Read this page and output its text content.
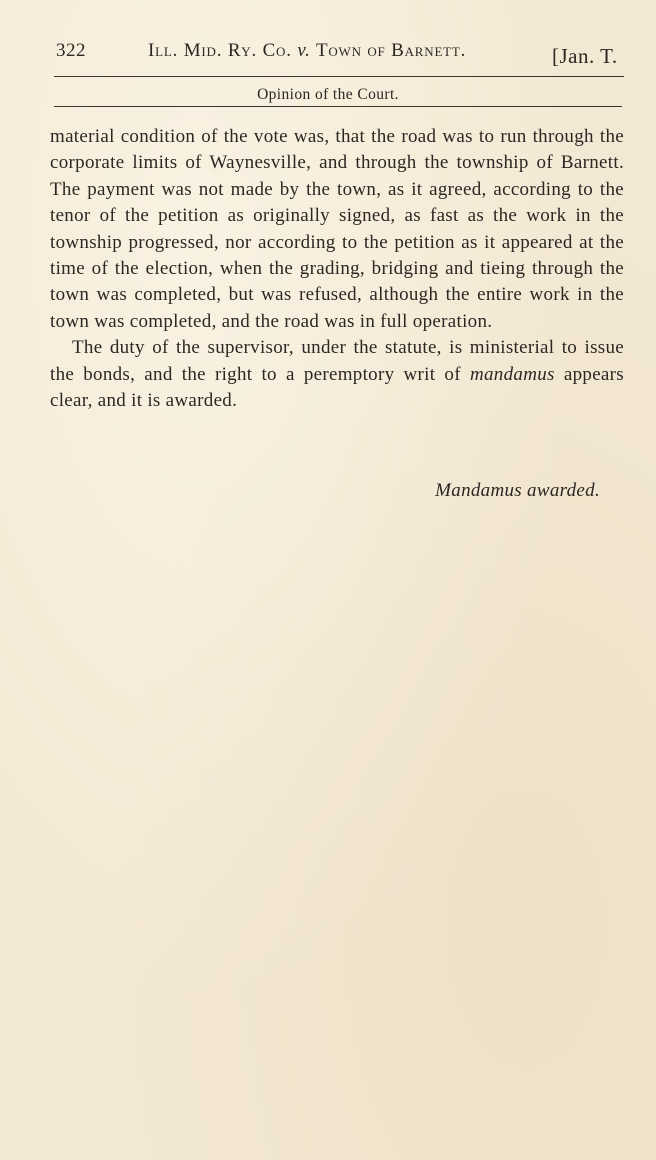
322	Ill. Mid. Ry. Co. v. Town of Barnett.	[Jan. T.
Opinion of the Court.

material condition of the vote was, that the road was to run through the corporate limits of Waynesville, and through the township of Barnett. The payment was not made by the town, as it agreed, according to the tenor of the petition as originally signed, as fast as the work in the township progressed, nor according to the petition as it appeared at the time of the election, when the grading, bridging and tieing through the town was completed, but was refused, although the entire work in the town was completed, and the road was in full operation.

The duty of the supervisor, under the statute, is ministerial to issue the bonds, and the right to a peremptory writ of mandamus appears clear, and it is awarded.

Mandamus awarded.
